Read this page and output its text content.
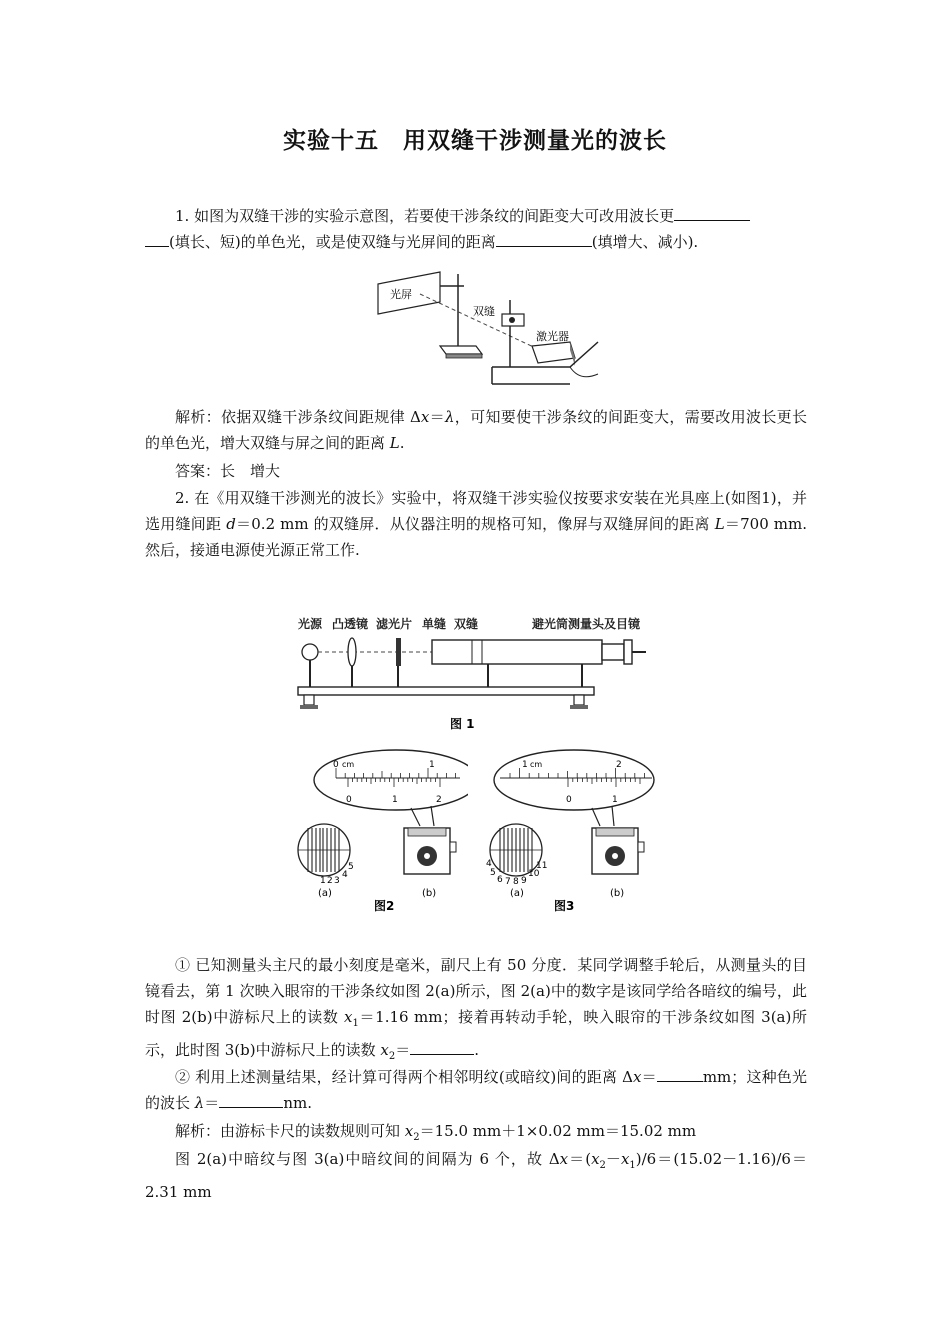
实验十五　用双缝干涉测量光的波长
1. 如图为双缝干涉的实验示意图，若要使干涉条纹的间距变大可改用波长更
(填长、短)的单色光，或是使双缝与光屏间的距离	(填增大、减小).
光屏
双缝
激光器
解析：依据双缝干涉条纹间距规律 Δx＝λ，可知要使干涉条纹的间距变大，需要改用波长更长的单色光，增大双缝与屏之间的距离 L.
答案：长　增大
2. 在《用双缝干涉测光的波长》实验中，将双缝干涉实验仪按要求安装在光具座上(如图1)，并选用缝间距 d＝0.2 mm 的双缝屏．从仪器注明的规格可知，像屏与双缝屏间的距离 L＝700 mm.然后，接通电源使光源正常工作.
光源 凸透镜 滤光片 单缝 双缝	避光筒 测量头及目镜
图 1
0 cm	1
0	1	2
1 2 3
4
5
(a)	(b)
图2
1 cm	2
0	1
4
5
6 7 8 9
10
11
(a)	(b)
图3
① 已知测量头主尺的最小刻度是毫米，副尺上有 50 分度．某同学调整手轮后，从测量头的目镜看去，第 1 次映入眼帘的干涉条纹如图 2(a)所示，图 2(a)中的数字是该同学给各暗纹的编号，此时图 2(b)中游标尺上的读数 $x_1=1.16$ mm；接着再转动手轮，映入眼帘的干涉条纹如图 3(a)所示，此时图 3(b)中游标尺上的读数 $x_2=$	.
② 利用上述测量结果，经计算可得两个相邻明纹(或暗纹)间的距离 Δx＝	mm；这种色光的波长 λ＝	nm.
解析：由游标卡尺的读数规则可知 $x_2=15.0$ mm＋1×0.02 mm＝15.02 mm
图 2(a)中暗纹与图 3(a)中暗纹间的间隔为 6 个，故 $\Delta x=(x_2-x_1)/6=(15.02-1.16)/6=2.31$ mm
